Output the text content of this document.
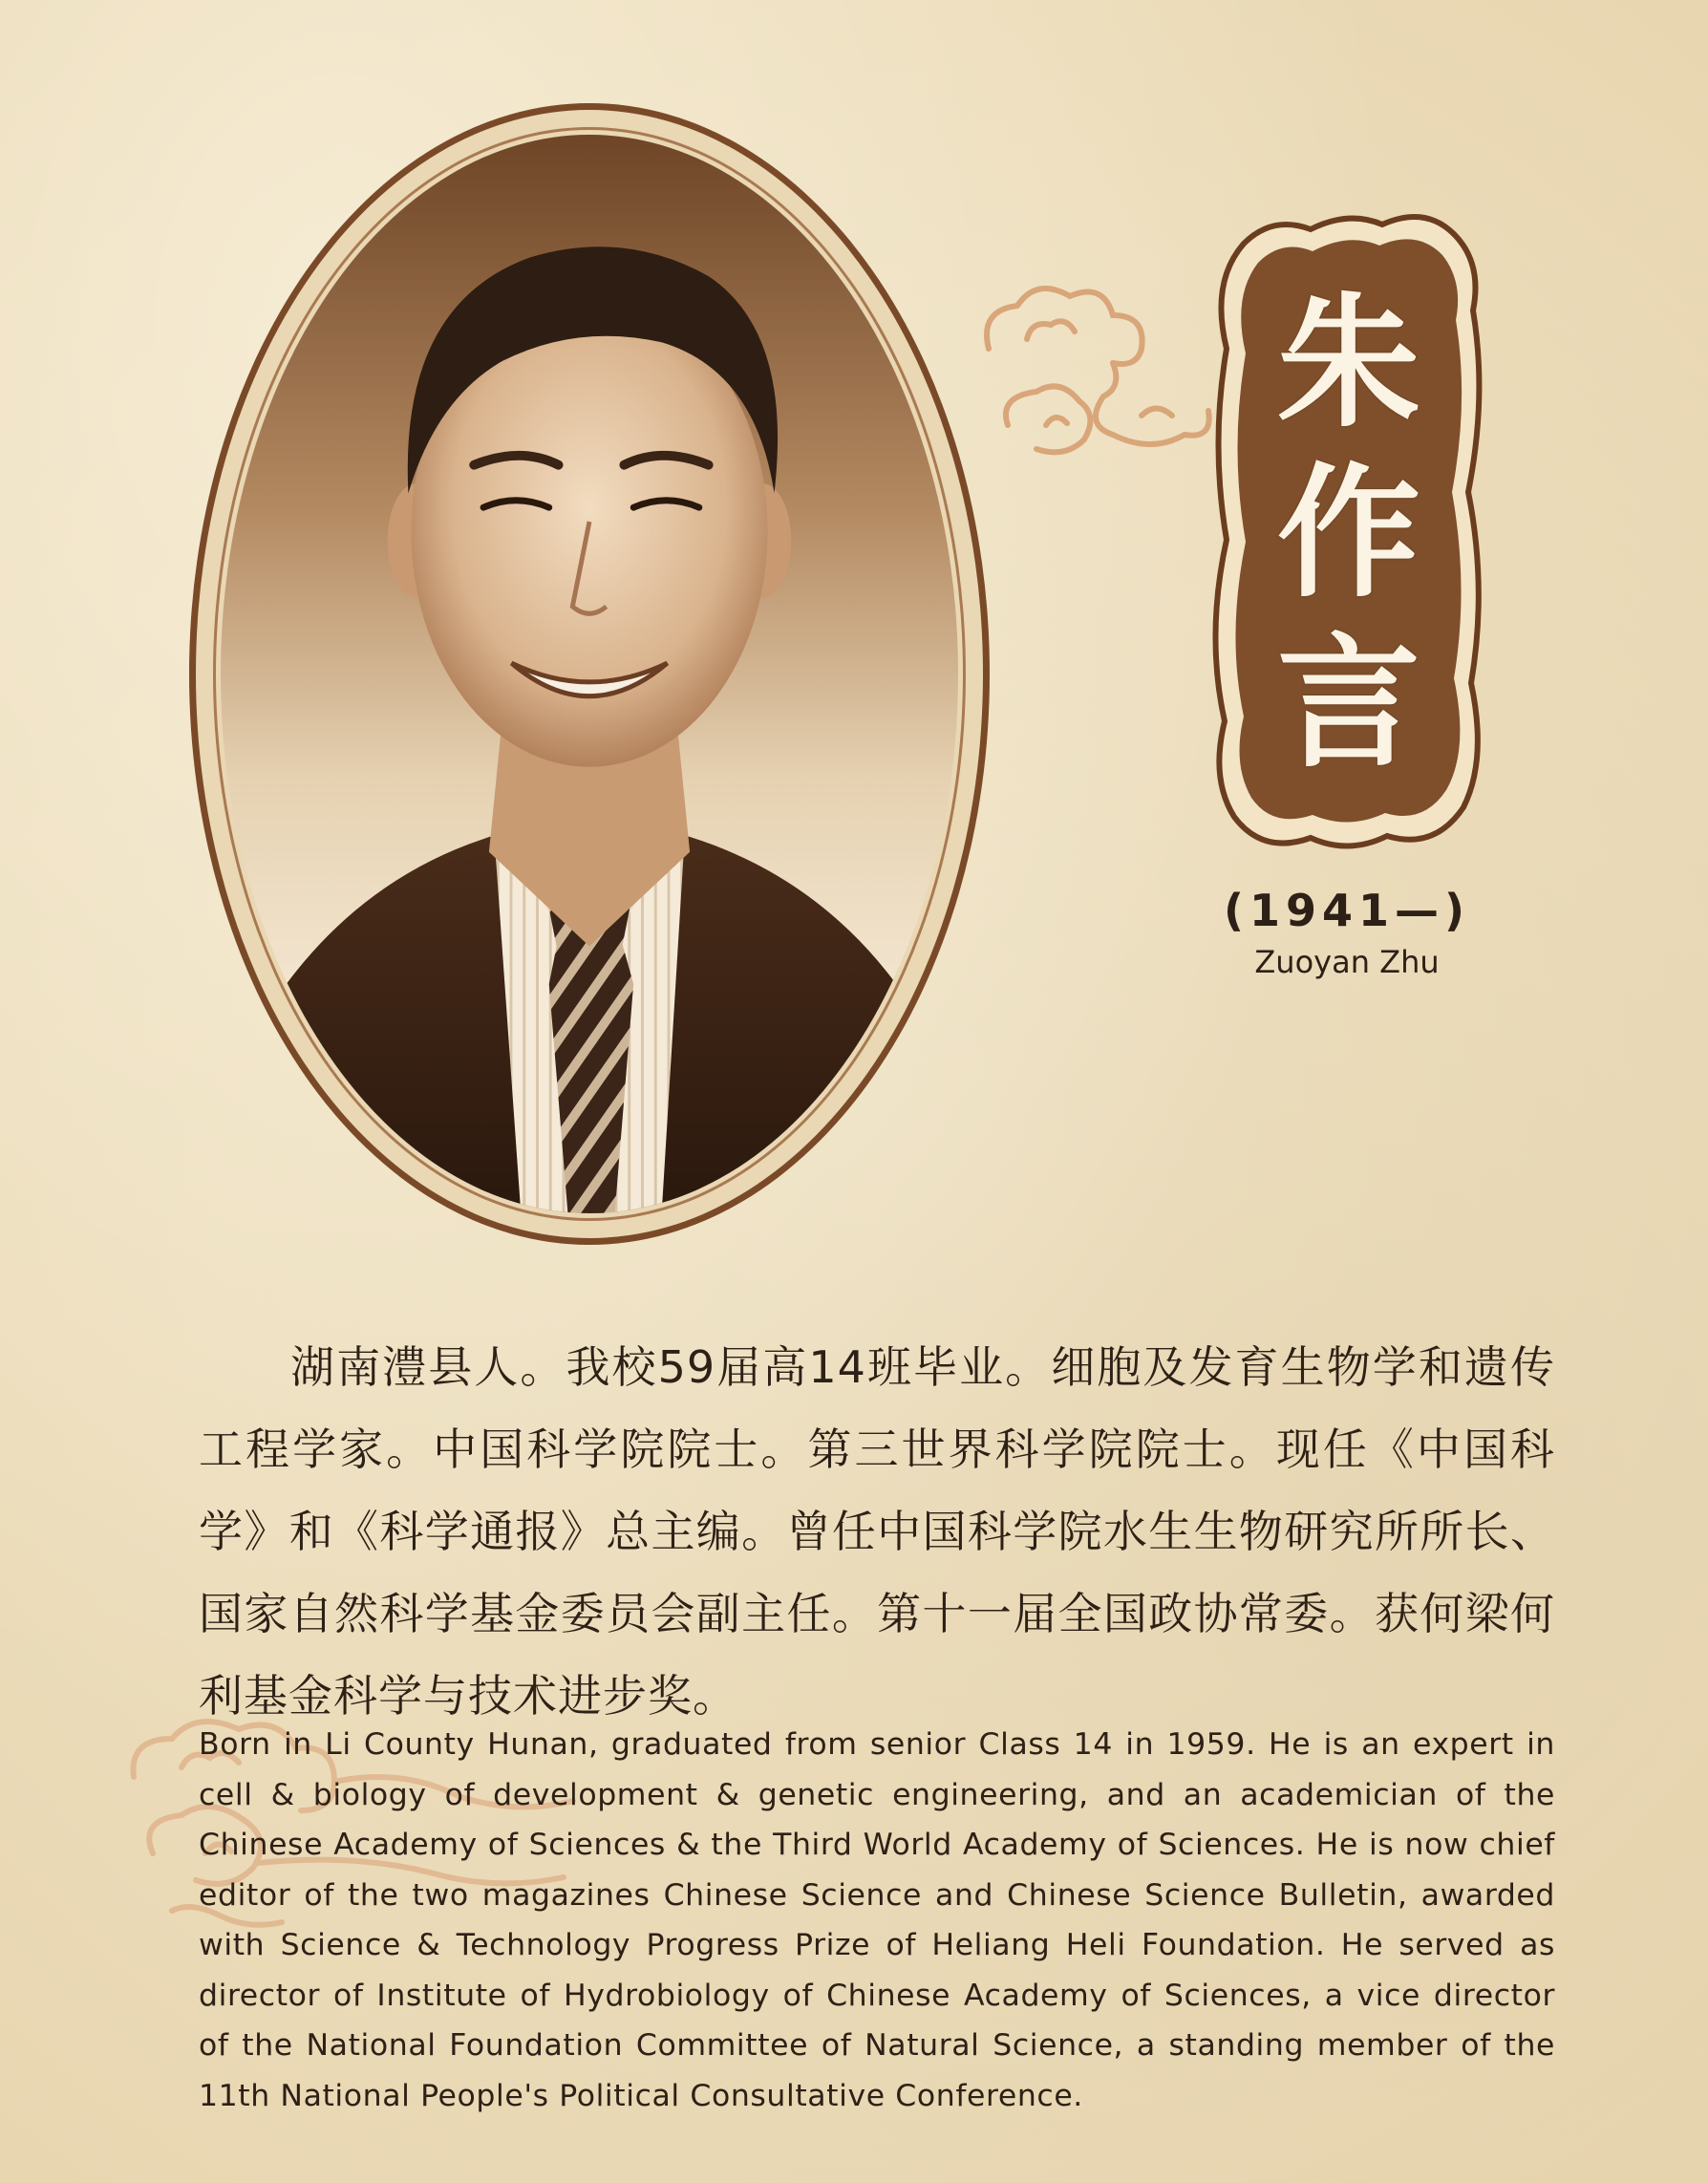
朱
作
言
(1941—)
Zuoyan Zhu
湖南澧县人。我校59届高14班毕业。细胞及发育生物学和遗传工程学家。中国科学院院士。第三世界科学院院士。现任《中国科学》和《科学通报》总主编。曾任中国科学院水生生物研究所所长、国家自然科学基金委员会副主任。第十一届全国政协常委。获何梁何利基金科学与技术进步奖。
Born in Li County Hunan, graduated from senior Class 14 in 1959. He is an expert in cell & biology of development & genetic engineering, and an academician of the Chinese Academy of Sciences & the Third World Academy of Sciences. He is now chief editor of the two magazines Chinese Science and Chinese Science Bulletin, awarded with Science & Technology Progress Prize of Heliang Heli Foundation. He served as director of Institute of Hydrobiology of Chinese Academy of Sciences, a vice director of the National Foundation Committee of Natural Science, a standing member of the 11th National People's Political Consultative Conference.
